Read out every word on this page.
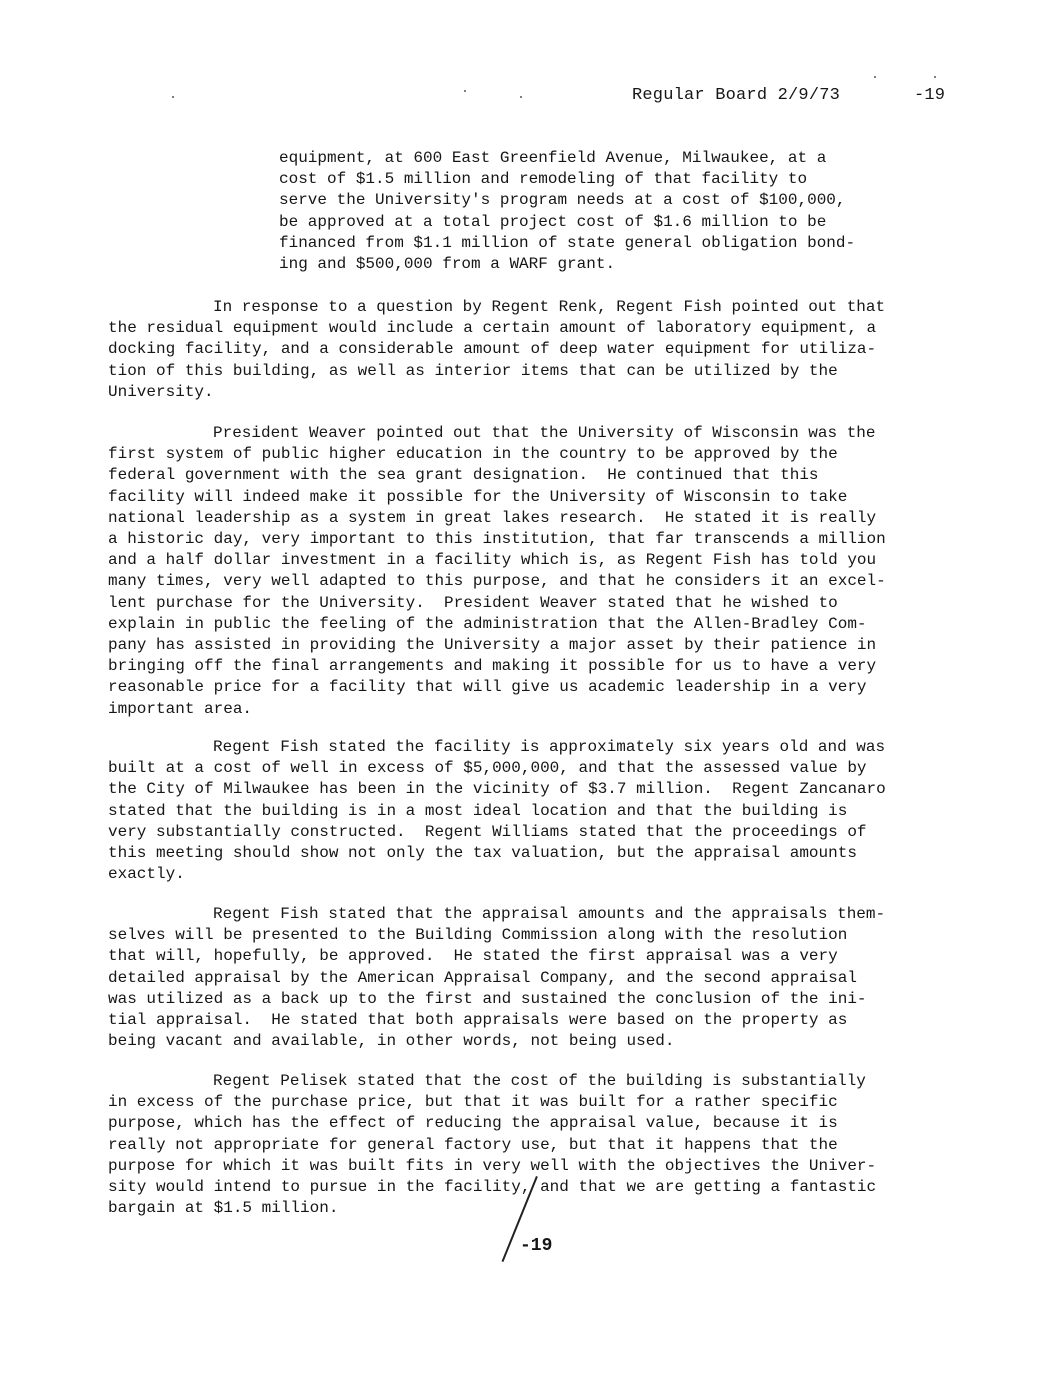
Regular Board 2/9/73	-19
equipment, at 600 East Greenfield Avenue, Milwaukee, at a
cost of $1.5 million and remodeling of that facility to
serve the University's program needs at a cost of $100,000,
be approved at a total project cost of $1.6 million to be
financed from $1.1 million of state general obligation bond-
ing and $500,000 from a WARF grant.
In response to a question by Regent Renk, Regent Fish pointed out that
the residual equipment would include a certain amount of laboratory equipment, a
docking facility, and a considerable amount of deep water equipment for utiliza-
tion of this building, as well as interior items that can be utilized by the
University.
President Weaver pointed out that the University of Wisconsin was the
first system of public higher education in the country to be approved by the
federal government with the sea grant designation.  He continued that this
facility will indeed make it possible for the University of Wisconsin to take
national leadership as a system in great lakes research.  He stated it is really
a historic day, very important to this institution, that far transcends a million
and a half dollar investment in a facility which is, as Regent Fish has told you
many times, very well adapted to this purpose, and that he considers it an excel-
lent purchase for the University.  President Weaver stated that he wished to
explain in public the feeling of the administration that the Allen-Bradley Com-
pany has assisted in providing the University a major asset by their patience in
bringing off the final arrangements and making it possible for us to have a very
reasonable price for a facility that will give us academic leadership in a very
important area.
Regent Fish stated the facility is approximately six years old and was
built at a cost of well in excess of $5,000,000, and that the assessed value by
the City of Milwaukee has been in the vicinity of $3.7 million.  Regent Zancanaro
stated that the building is in a most ideal location and that the building is
very substantially constructed.  Regent Williams stated that the proceedings of
this meeting should show not only the tax valuation, but the appraisal amounts
exactly.
Regent Fish stated that the appraisal amounts and the appraisals them-
selves will be presented to the Building Commission along with the resolution
that will, hopefully, be approved.  He stated the first appraisal was a very
detailed appraisal by the American Appraisal Company, and the second appraisal
was utilized as a back up to the first and sustained the conclusion of the ini-
tial appraisal.  He stated that both appraisals were based on the property as
being vacant and available, in other words, not being used.
Regent Pelisek stated that the cost of the building is substantially
in excess of the purchase price, but that it was built for a rather specific
purpose, which has the effect of reducing the appraisal value, because it is
really not appropriate for general factory use, but that it happens that the
purpose for which it was built fits in very well with the objectives the Univer-
sity would intend to pursue in the facility, and that we are getting a fantastic
bargain at $1.5 million.
-19
